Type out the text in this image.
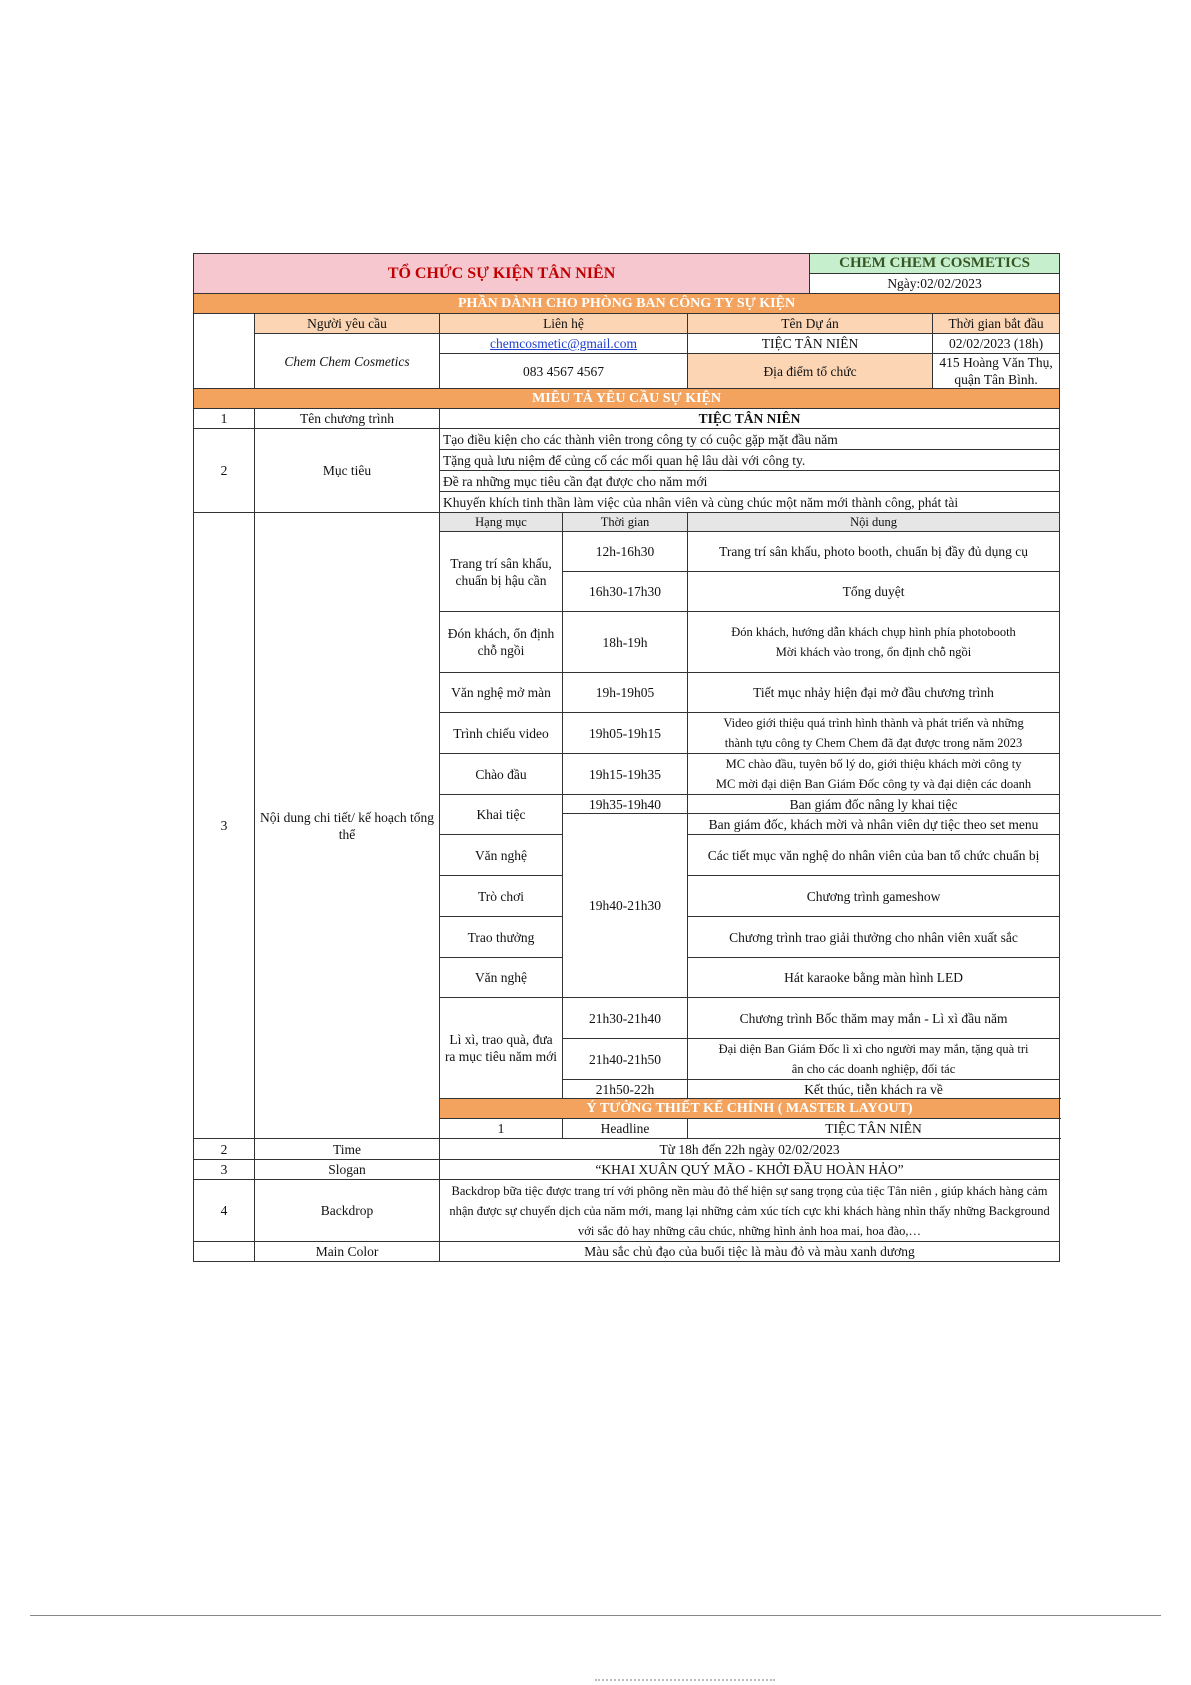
TỔ CHỨC SỰ KIỆN TÂN NIÊN					CHEM CHEM COSMETICS	
					Ngày:02/02/2023	
PHẦN DÀNH CHO PHÒNG BAN CÔNG TY SỰ KIỆN						
	Người yêu cầu	Liên hệ		Tên Dự án		Thời gian bắt đầu
	Chem Chem Cosmetics	chemcosmetic@gmail.com		TIỆC TÂN NIÊN		02/02/2023 (18h)
		083 4567 4567		Địa điểm tổ chức		415 Hoàng Văn Thụ, quận Tân Bình.
MIÊU TẢ YÊU CẦU SỰ KIỆN						
1	Tên chương trình	TIỆC TÂN NIÊN				
2	Mục tiêu	Tạo điều kiện cho các thành viên trong công ty có cuộc gặp mặt đầu năm				
		Tặng quà lưu niệm để củng cố các mối quan hệ lâu dài với công ty.				
		Đề ra những mục tiêu cần đạt được cho năm mới				
		Khuyến khích tinh thần làm việc của nhân viên và cùng chúc một năm mới thành công, phát tài				
3	Nội dung chi tiết/ kế hoạch tổng thể	Hạng mục	Thời gian	Nội dung		
		Trang trí sân khấu, chuẩn bị hậu cần	12h-16h30	Trang trí sân khấu, photo booth, chuẩn bị đầy đủ dụng cụ		
			16h30-17h30	Tổng duyệt		
		Đón khách, ổn định chỗ ngồi	18h-19h	Đón khách, hướng dẫn khách chụp hình phía photobooth
Mời khách vào trong, ổn định chỗ ngồi		

		Văn nghệ mở màn	19h-19h05	Tiết mục nhảy hiện đại mở đầu chương trình		
		Trình chiếu video	19h05-19h15	Video giới thiệu quá trình hình thành và phát triển và những
thành tựu công ty Chem Chem đã đạt được trong năm 2023		

		Chào đầu	19h15-19h35	MC chào đầu, tuyên bố lý do, giới thiệu khách mời công ty
MC mời đại diện Ban Giám Đốc công ty và đại diện các doanh		

		Khai tiệc	19h35-19h40	Ban giám đốc nâng ly khai tiệc		
			19h40-21h30	Ban giám đốc, khách mời và nhân viên dự tiệc theo set menu		
		Văn nghệ		Các tiết mục văn nghệ do nhân viên của ban tổ chức chuẩn bị		

		Trò chơi		Chương trình gameshow		
		Trao thưởng		Chương trình trao giải thưởng cho nhân viên xuất sắc		
		Văn nghệ		Hát karaoke bằng màn hình LED		
		Lì xì, trao quà, đưa ra mục tiêu năm mới	21h30-21h40	Chương trình Bốc thăm may mắn - Lì xì đầu năm		
			21h40-21h50	Đại diện Ban Giám Đốc lì xì cho người may mắn, tặng quà tri
ân cho các doanh nghiệp, đối tác		

			21h50-22h	Kết thúc, tiễn khách ra về		
		Ý TƯỞNG THIẾT KẾ CHÍNH ( MASTER LAYOUT)				
		1	Headline	TIỆC TÂN NIÊN		
2	Time	Từ 18h đến 22h ngày 02/02/2023				
3	Slogan	“KHAI XUÂN QUÝ MÃO - KHỞI ĐẦU HOÀN HẢO”				
4	Backdrop	Backdrop bữa tiệc được trang trí với phông nền màu đỏ thể hiện sự sang trọng của tiệc Tân niên , giúp khách hàng cảm nhận được sự chuyển dịch của năm mới, mang lại những cảm xúc tích cực khi khách hàng nhìn thấy những Background với sắc đỏ hay những câu chúc, những hình ảnh hoa mai, hoa đào,…				
	Main Color	Màu sắc chủ đạo của buổi tiệc là màu đỏ và màu xanh dương				
